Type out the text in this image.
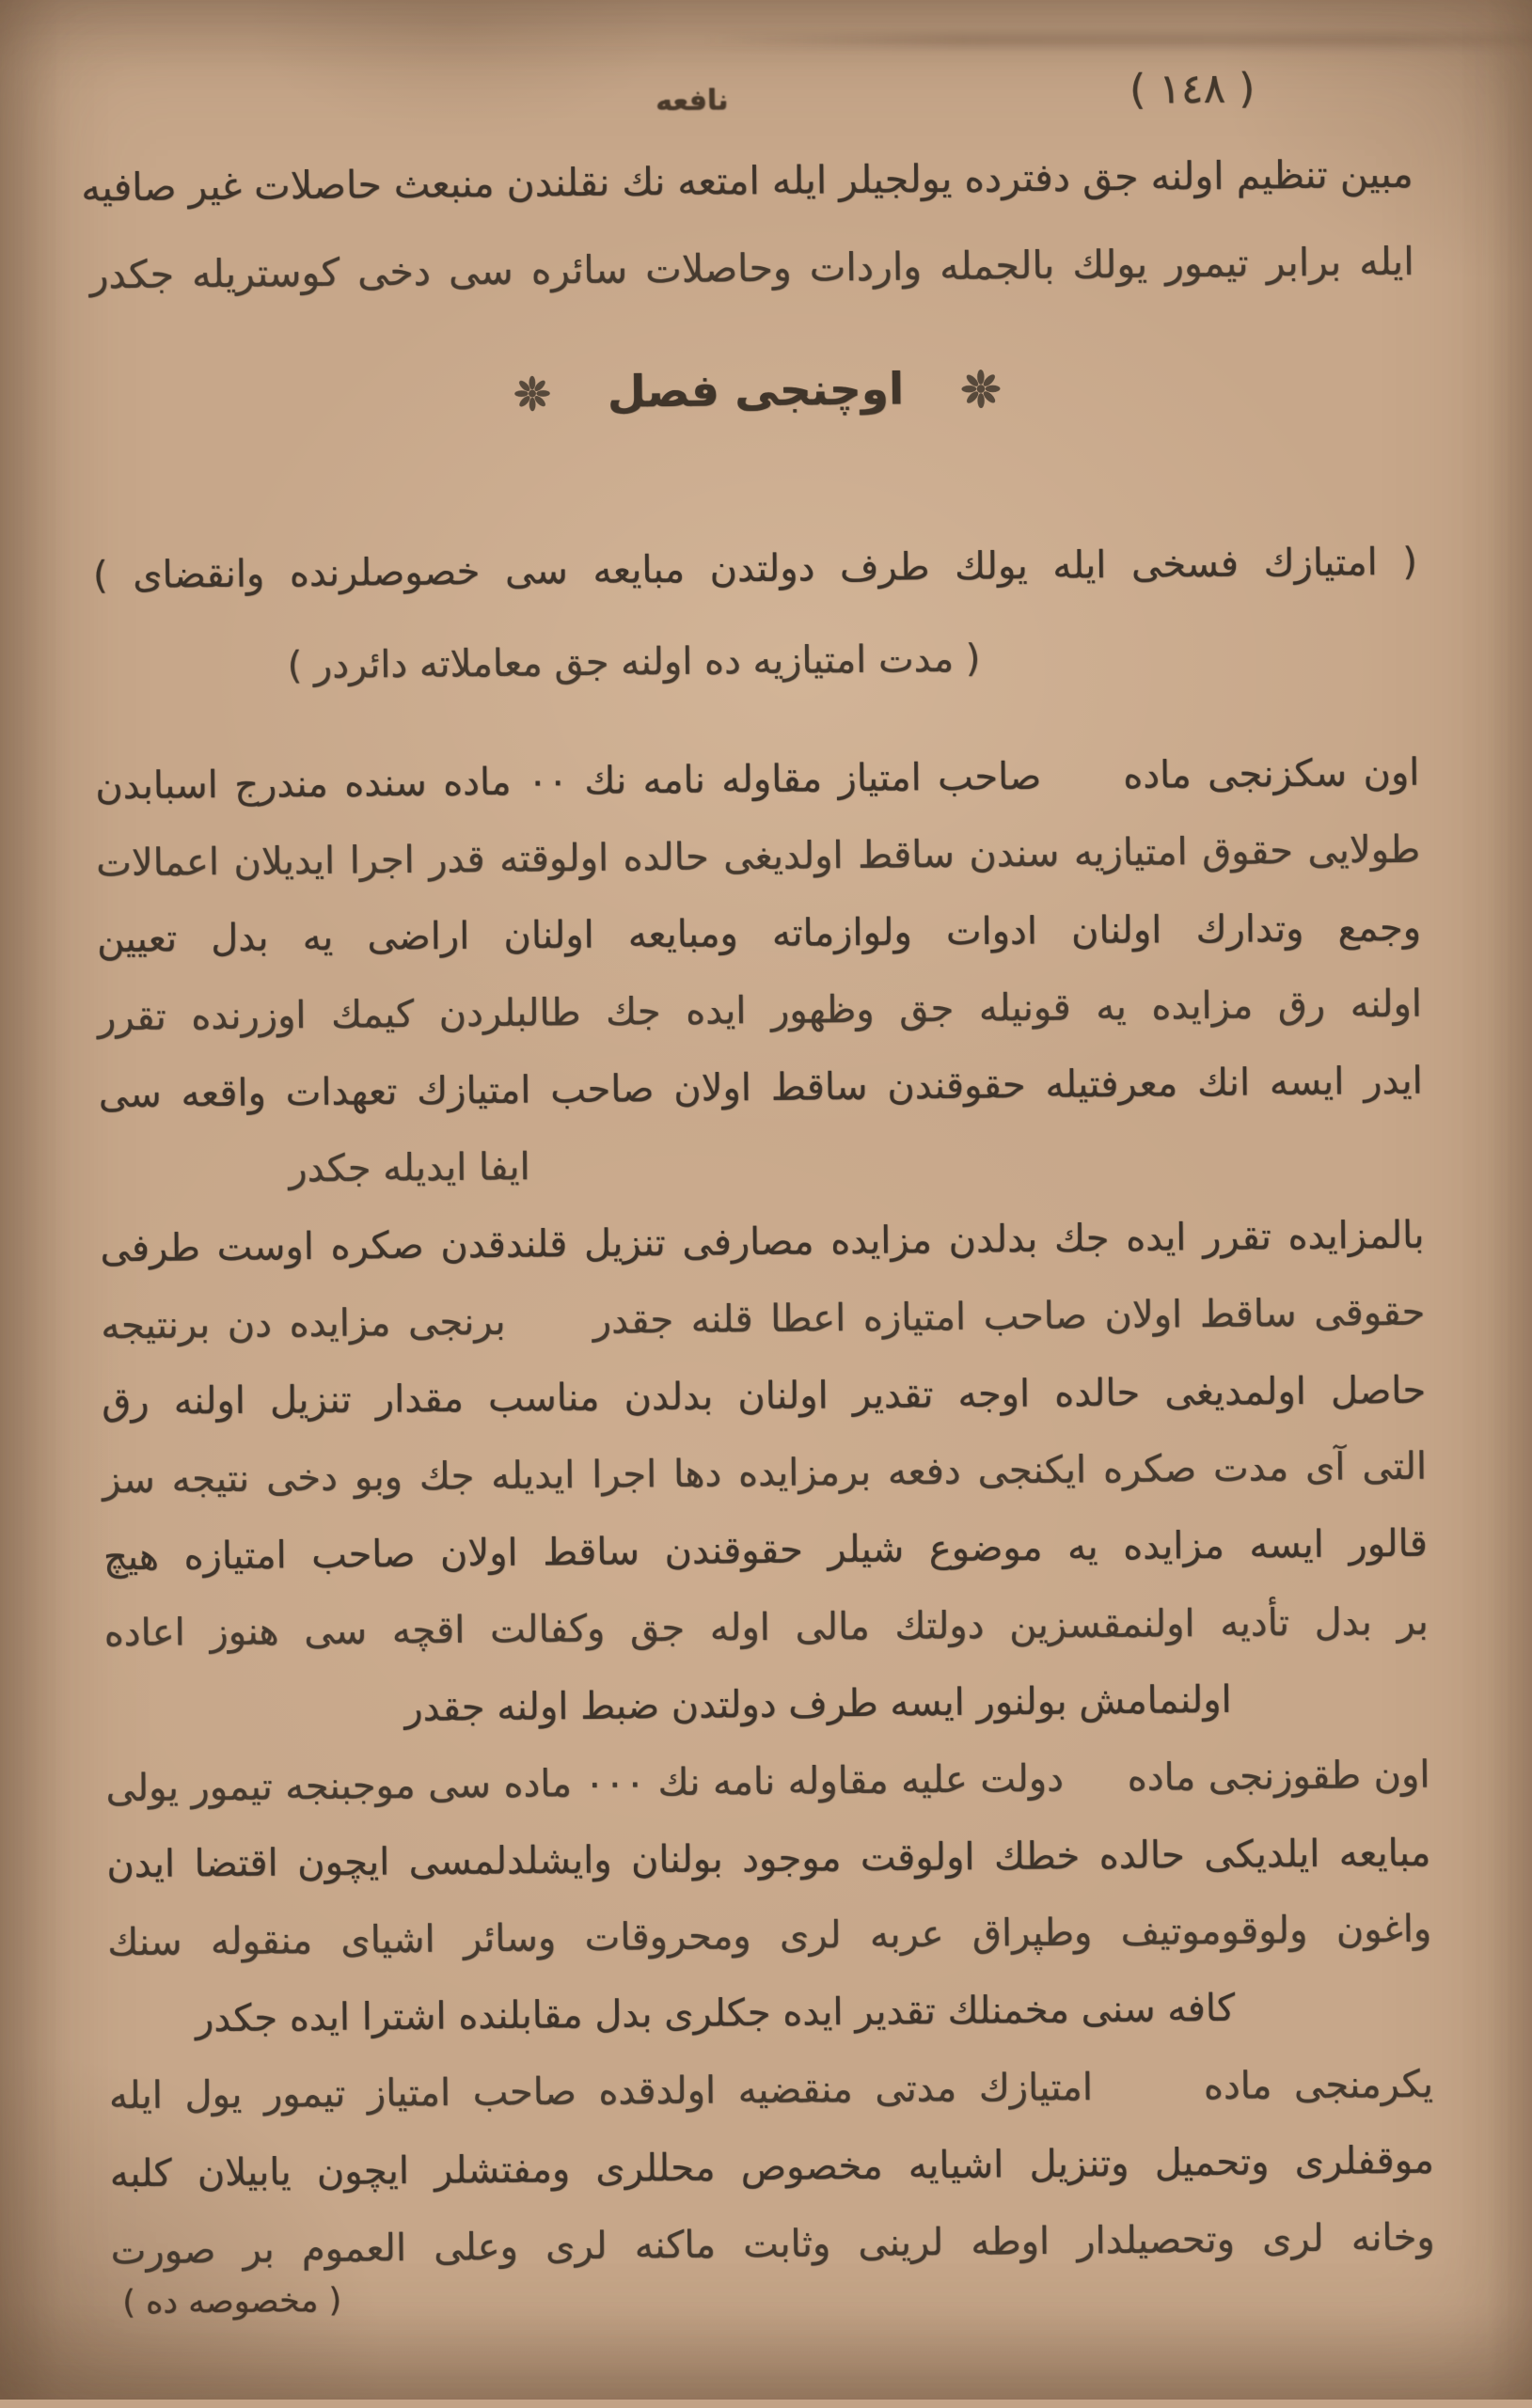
نافعه	( ١٤٨ )
مبين تنظيم اولنه جق دفترده يولجيلر ايله امتعه نك نقلندن منبعث حاصلات غير صافيه
ايله برابر تيمور يولك بالجمله واردات وحاصلات سائره سى دخى كوستريله جكدر
اوچنجى فصل
( امتيازك فسخى ايله يولك طرف دولتدن مبايعه سى خصوصلرنده وانقضاى )
( مدت امتيازيه ده اولنه جق معاملاته دائردر )
اون سكزنجى ماده     صاحب امتياز مقاوله نامه نك ٠٠ ماده سنده مندرج اسبابدن
طولايى حقوق امتيازيه سندن ساقط اولديغى حالده اولوقته قدر اجرا ايديلان اعمالات
وجمع وتدارك اولنان ادوات ولوازماته ومبايعه اولنان اراضى يه بدل تعيين
اولنه رق مزايده يه قونيله جق وظهور ايده جك طالبلردن كيمك اوزرنده تقرر
ايدر ايسه انك معرفتيله حقوقندن ساقط اولان صاحب امتيازك تعهدات واقعه سى
ايفا ايديله جكدر
بالمزايده تقرر ايده جك بدلدن مزايده مصارفى تنزيل قلندقدن صكره اوست طرفى
حقوقى ساقط اولان صاحب امتيازه اعطا قلنه جقدر     برنجى مزايده دن برنتيجه
حاصل اولمديغى حالده اوجه تقدير اولنان بدلدن مناسب مقدار تنزيل اولنه رق
التى آى مدت صكره ايكنجى دفعه برمزايده دها اجرا ايديله جك وبو دخى نتيجه سز
قالور ايسه مزايده يه موضوع شيلر حقوقندن ساقط اولان صاحب امتيازه هيچ
بر بدل تأديه اولنمقسزين دولتك مالى اوله جق وكفالت اقچه سى هنوز اعاده
اولنمامش بولنور ايسه طرف دولتدن ضبط اولنه جقدر
اون طقوزنجى ماده     دولت عليه مقاوله نامه نك ٠٠٠ ماده سى موجبنجه تيمور يولى
مبايعه ايلديكى حالده خطك اولوقت موجود بولنان وايشلدلمسى ايچون اقتضا ايدن
واغون ولوقوموتيف وطپراق عربه لرى ومحروقات وسائر اشياى منقوله سنك
كافه سنى مخمنلك تقدير ايده جكلرى بدل مقابلنده اشترا ايده جكدر
يكرمنجى ماده     امتيازك مدتى منقضيه اولدقده صاحب امتياز تيمور يول ايله
موقفلرى وتحميل وتنزيل اشيايه مخصوص محللرى ومفتشلر ايچون يابيلان كلبه
وخانه لرى وتحصيلدار اوطه لرينى وثابت ماكنه لرى وعلى العموم بر صورت
( مخصوصه ده )
